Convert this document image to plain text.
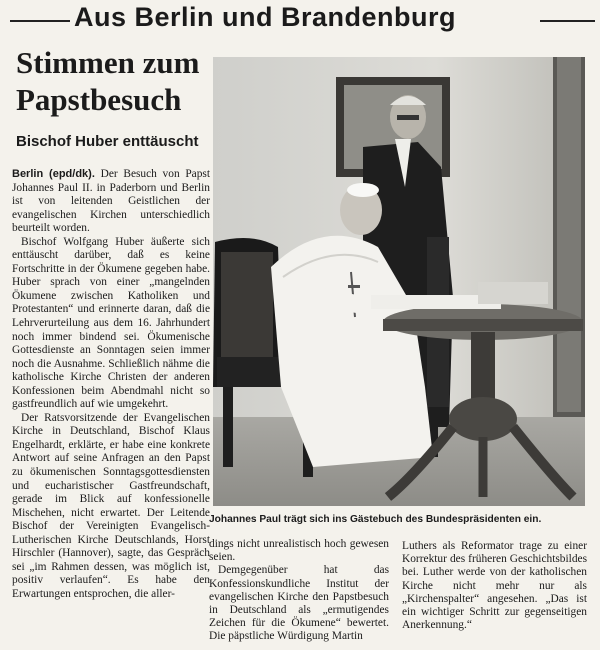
Aus Berlin und Brandenburg
Stimmen zum Papstbesuch
Bischof Huber enttäuscht

Berlin (epd/dk). Der Besuch von Papst Johannes Paul II. in Paderborn und Berlin ist von leitenden Geistlichen der evangelischen Kirchen unterschiedlich beurteilt worden.

Bischof Wolfgang Huber äußerte sich enttäuscht darüber, daß es keine Fortschritte in der Ökumene gegeben habe. Huber sprach von einer „mangelnden Ökumene zwischen Katholiken und Protestanten“ und erinnerte daran, daß die Lehrverurteilung aus dem 16. Jahrhundert noch immer bindend sei. Ökumenische Gottesdienste an Sonntagen seien immer noch die Ausnahme. Schließlich nähme die katholische Kirche Christen der anderen Konfessionen beim Abendmahl nicht so gastfreundlich auf wie umgekehrt.

Der Ratsvorsitzende der Evangelischen Kirche in Deutschland, Bischof Klaus Engelhardt, erklärte, er habe eine konkrete Antwort auf seine Anfragen an den Papst zu ökumenischen Sonntagsgottesdiensten und eucharistischer Gastfreundschaft, gerade im Blick auf konfessionelle Mischehen, nicht erwartet. Der Leitende Bischof der Vereinigten Evangelisch-Lutherischen Kirche Deutschlands, Horst Hirschler (Hannover), sagte, das Gespräch sei „im Rahmen dessen, was möglich ist, positiv verlaufen“. Es habe den Erwartungen entsprochen, die aller-

Johannes Paul trägt sich ins Gästebuch des Bundespräsidenten ein.

dings nicht unrealistisch hoch gewesen seien.

Demgegenüber hat das Konfessionskundliche Institut der evangelischen Kirche den Papstbesuch in Deutschland als „ermutigendes Zeichen für die Ökumene“ bewertet. Die päpstliche Würdigung Martin

Luthers als Reformator trage zu einer Korrektur des früheren Geschichtsbildes bei. Luther werde von der katholischen Kirche nicht mehr nur als „Kirchenspalter“ angesehen. „Das ist ein wichtiger Schritt zur gegenseitigen Anerkennung.“
